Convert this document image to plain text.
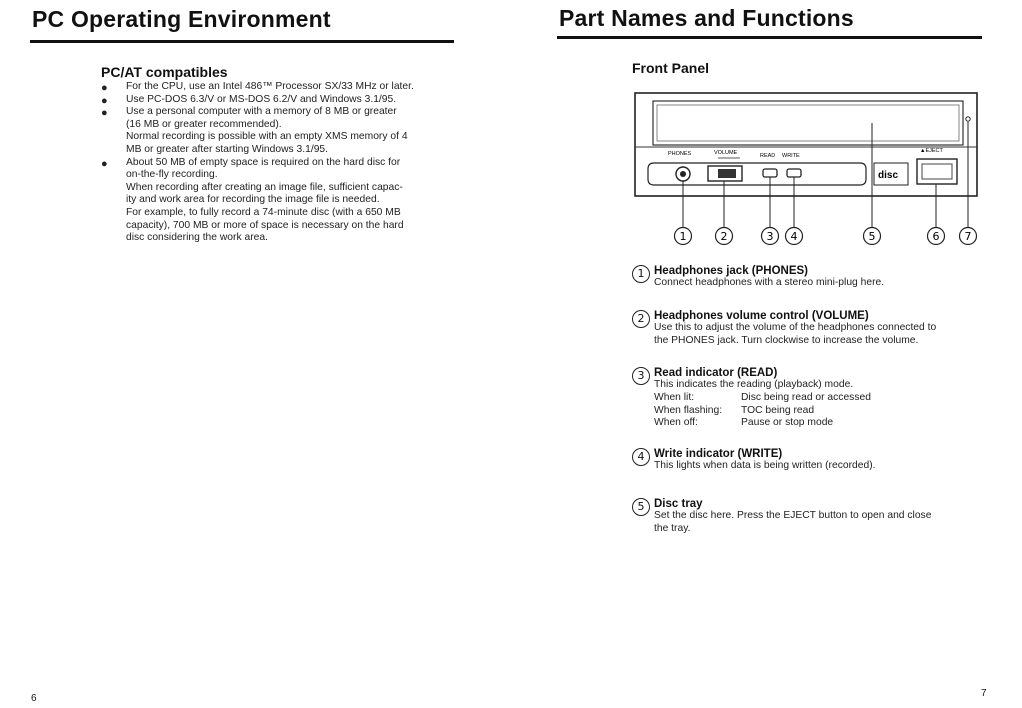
PC Operating Environment
PC/AT compatibles
● For the CPU, use an Intel 486™ Processor SX/33 MHz or later.
● Use PC-DOS 6.3/V or MS-DOS 6.2/V and Windows 3.1/95.
● Use a personal computer with a memory of 8 MB or greater
(16 MB or greater recommended).
Normal recording is possible with an empty XMS memory of 4
MB or greater after starting Windows 3.1/95.
● About 50 MB of empty space is required on the hard disc for
on-the-fly recording.
When recording after creating an image file, sufficient capac-
ity and work area for recording the image file is needed.
For example, to fully record a 74-minute disc (with a 650 MB
capacity), 700 MB or more of space is necessary on the hard
disc considering the work area.
6
Part Names and Functions
Front Panel
PHONES	VOLUME	READ WRITE
▲EJECT
disc
1	2	3 4	5	6 7
1 Headphones jack (PHONES)
Connect headphones with a stereo mini-plug here.
2 Headphones volume control (VOLUME)
Use this to adjust the volume of the headphones connected to
the PHONES jack. Turn clockwise to increase the volume.
3 Read indicator (READ)
This indicates the reading (playback) mode.
When lit:	Disc being read or accessed
When flashing:	TOC being read
When off:	Pause or stop mode
4 Write indicator (WRITE)
This lights when data is being written (recorded).
5 Disc tray
Set the disc here. Press the EJECT button to open and close
the tray.
7
